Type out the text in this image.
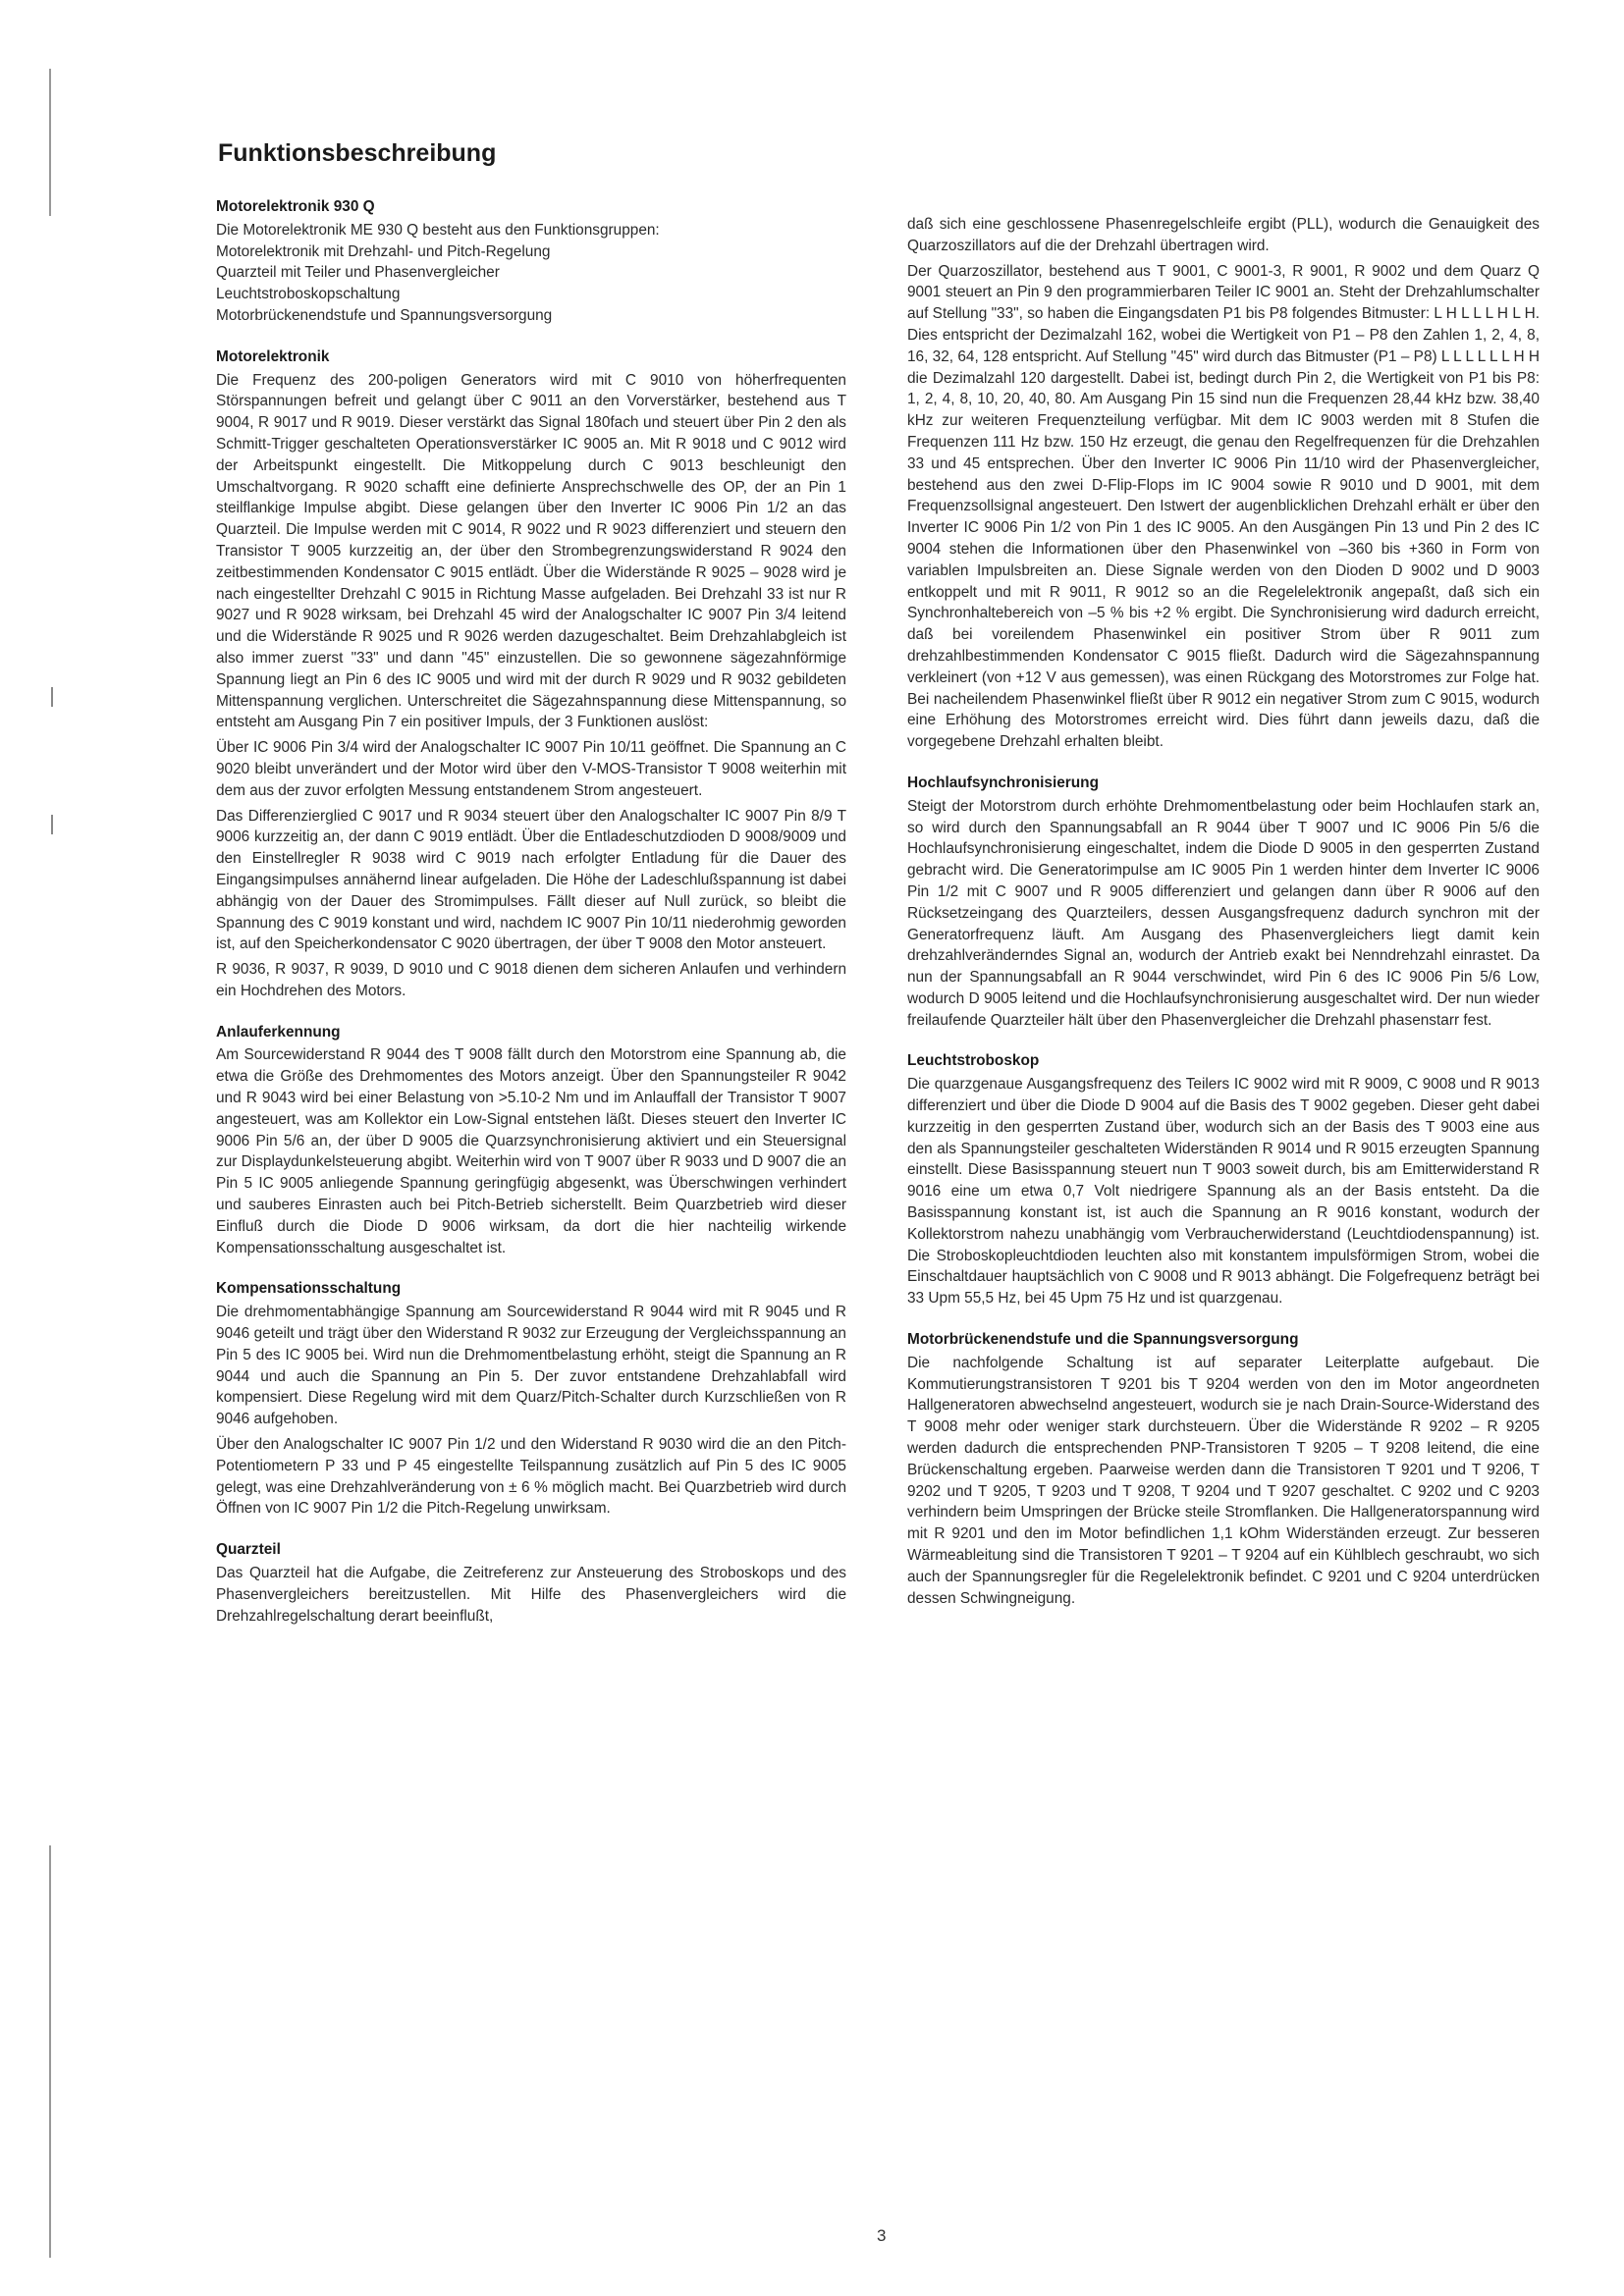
Funktionsbeschreibung
Motorelektronik 930 Q

Die Motorelektronik ME 930 Q besteht aus den Funktionsgruppen:

Motorelektronik mit Drehzahl- und Pitch-Regelung

Quarzteil mit Teiler und Phasenvergleicher

Leuchtstroboskopschaltung

Motorbrückenendstufe und Spannungsversorgung

Motorelektronik

Die Frequenz des 200-poligen Generators wird mit C 9010 von höherfrequenten Störspannungen befreit und gelangt über C 9011 an den Vorverstärker, bestehend aus T 9004, R 9017 und R 9019. Dieser verstärkt das Signal 180fach und steuert über Pin 2 den als Schmitt-Trigger geschalteten Operationsverstärker IC 9005 an. Mit R 9018 und C 9012 wird der Arbeitspunkt eingestellt. Die Mitkoppelung durch C 9013 beschleunigt den Umschaltvorgang. R 9020 schafft eine definierte Ansprechschwelle des OP, der an Pin 1 steilflankige Impulse abgibt. Diese gelangen über den Inverter IC 9006 Pin 1/2 an das Quarzteil. Die Impulse werden mit C 9014, R 9022 und R 9023 differenziert und steuern den Transistor T 9005 kurzzeitig an, der über den Strombegrenzungswiderstand R 9024 den zeitbestimmenden Kondensator C 9015 entlädt. Über die Widerstände R 9025 – 9028 wird je nach eingestellter Drehzahl C 9015 in Richtung Masse aufgeladen. Bei Drehzahl 33 ist nur R 9027 und R 9028 wirksam, bei Drehzahl 45 wird der Analogschalter IC 9007 Pin 3/4 leitend und die Widerstände R 9025 und R 9026 werden dazugeschaltet. Beim Drehzahlabgleich ist also immer zuerst "33" und dann "45" einzustellen. Die so gewonnene sägezahnförmige Spannung liegt an Pin 6 des IC 9005 und wird mit der durch R 9029 und R 9032 gebildeten Mittenspannung verglichen. Unterschreitet die Sägezahnspannung diese Mittenspannung, so entsteht am Ausgang Pin 7 ein positiver Impuls, der 3 Funktionen auslöst:

Über IC 9006 Pin 3/4 wird der Analogschalter IC 9007 Pin 10/11 geöffnet. Die Spannung an C 9020 bleibt unverändert und der Motor wird über den V-MOS-Transistor T 9008 weiterhin mit dem aus der zuvor erfolgten Messung entstandenem Strom angesteuert.

Das Differenzierglied C 9017 und R 9034 steuert über den Analogschalter IC 9007 Pin 8/9 T 9006 kurzzeitig an, der dann C 9019 entlädt. Über die Entladeschutzdioden D 9008/9009 und den Einstellregler R 9038 wird C 9019 nach erfolgter Entladung für die Dauer des Eingangsimpulses annähernd linear aufgeladen. Die Höhe der Ladeschlußspannung ist dabei abhängig von der Dauer des Stromimpulses. Fällt dieser auf Null zurück, so bleibt die Spannung des C 9019 konstant und wird, nachdem IC 9007 Pin 10/11 niederohmig geworden ist, auf den Speicherkondensator C 9020 übertragen, der über T 9008 den Motor ansteuert.

R 9036, R 9037, R 9039, D 9010 und C 9018 dienen dem sicheren Anlaufen und verhindern ein Hochdrehen des Motors.

Anlauferkennung

Am Sourcewiderstand R 9044 des T 9008 fällt durch den Motorstrom eine Spannung ab, die etwa die Größe des Drehmomentes des Motors anzeigt. Über den Spannungsteiler R 9042 und R 9043 wird bei einer Belastung von >5.10-2 Nm und im Anlauffall der Transistor T 9007 angesteuert, was am Kollektor ein Low-Signal entstehen läßt. Dieses steuert den Inverter IC 9006 Pin 5/6 an, der über D 9005 die Quarzsynchronisierung aktiviert und ein Steuersignal zur Displaydunkelsteuerung abgibt. Weiterhin wird von T 9007 über R 9033 und D 9007 die an Pin 5 IC 9005 anliegende Spannung geringfügig abgesenkt, was Überschwingen verhindert und sauberes Einrasten auch bei Pitch-Betrieb sicherstellt. Beim Quarzbetrieb wird dieser Einfluß durch die Diode D 9006 wirksam, da dort die hier nachteilig wirkende Kompensationsschaltung ausgeschaltet ist.

Kompensationsschaltung

Die drehmomentabhängige Spannung am Sourcewiderstand R 9044 wird mit R 9045 und R 9046 geteilt und trägt über den Widerstand R 9032 zur Erzeugung der Vergleichsspannung an Pin 5 des IC 9005 bei. Wird nun die Drehmomentbelastung erhöht, steigt die Spannung an R 9044 und auch die Spannung an Pin 5. Der zuvor entstandene Drehzahlabfall wird kompensiert. Diese Regelung wird mit dem Quarz/Pitch-Schalter durch Kurzschließen von R 9046 aufgehoben.

Über den Analogschalter IC 9007 Pin 1/2 und den Widerstand R 9030 wird die an den Pitch-Potentiometern P 33 und P 45 eingestellte Teilspannung zusätzlich auf Pin 5 des IC 9005 gelegt, was eine Drehzahlveränderung von ± 6 % möglich macht. Bei Quarzbetrieb wird durch Öffnen von IC 9007 Pin 1/2 die Pitch-Regelung unwirksam.

Quarzteil

Das Quarzteil hat die Aufgabe, die Zeitreferenz zur Ansteuerung des Stroboskops und des Phasenvergleichers bereitzustellen. Mit Hilfe des Phasenvergleichers wird die Drehzahlregelschaltung derart beeinflußt,

daß sich eine geschlossene Phasenregelschleife ergibt (PLL), wodurch die Genauigkeit des Quarzoszillators auf die der Drehzahl übertragen wird.

Der Quarzoszillator, bestehend aus T 9001, C 9001-3, R 9001, R 9002 und dem Quarz Q 9001 steuert an Pin 9 den programmierbaren Teiler IC 9001 an. Steht der Drehzahlumschalter auf Stellung "33", so haben die Eingangsdaten P1 bis P8 folgendes Bitmuster: L H L L L H L H. Dies entspricht der Dezimalzahl 162, wobei die Wertigkeit von P1 – P8 den Zahlen 1, 2, 4, 8, 16, 32, 64, 128 entspricht. Auf Stellung "45" wird durch das Bitmuster (P1 – P8) L L L L L L H H die Dezimalzahl 120 dargestellt. Dabei ist, bedingt durch Pin 2, die Wertigkeit von P1 bis P8: 1, 2, 4, 8, 10, 20, 40, 80. Am Ausgang Pin 15 sind nun die Frequenzen 28,44 kHz bzw. 38,40 kHz zur weiteren Frequenzteilung verfügbar. Mit dem IC 9003 werden mit 8 Stufen die Frequenzen 111 Hz bzw. 150 Hz erzeugt, die genau den Regelfrequenzen für die Drehzahlen 33 und 45 entsprechen. Über den Inverter IC 9006 Pin 11/10 wird der Phasenvergleicher, bestehend aus den zwei D-Flip-Flops im IC 9004 sowie R 9010 und D 9001, mit dem Frequenzsollsignal angesteuert. Den Istwert der augenblicklichen Drehzahl erhält er über den Inverter IC 9006 Pin 1/2 von Pin 1 des IC 9005. An den Ausgängen Pin 13 und Pin 2 des IC 9004 stehen die Informationen über den Phasenwinkel von –360 bis +360 in Form von variablen Impulsbreiten an. Diese Signale werden von den Dioden D 9002 und D 9003 entkoppelt und mit R 9011, R 9012 so an die Regelelektronik angepaßt, daß sich ein Synchronhaltebereich von –5 % bis +2 % ergibt. Die Synchronisierung wird dadurch erreicht, daß bei voreilendem Phasenwinkel ein positiver Strom über R 9011 zum drehzahlbestimmenden Kondensator C 9015 fließt. Dadurch wird die Sägezahnspannung verkleinert (von +12 V aus gemessen), was einen Rückgang des Motorstromes zur Folge hat. Bei nacheilendem Phasenwinkel fließt über R 9012 ein negativer Strom zum C 9015, wodurch eine Erhöhung des Motorstromes erreicht wird. Dies führt dann jeweils dazu, daß die vorgegebene Drehzahl erhalten bleibt.

Hochlaufsynchronisierung

Steigt der Motorstrom durch erhöhte Drehmomentbelastung oder beim Hochlaufen stark an, so wird durch den Spannungsabfall an R 9044 über T 9007 und IC 9006 Pin 5/6 die Hochlaufsynchronisierung eingeschaltet, indem die Diode D 9005 in den gesperrten Zustand gebracht wird. Die Generatorimpulse am IC 9005 Pin 1 werden hinter dem Inverter IC 9006 Pin 1/2 mit C 9007 und R 9005 differenziert und gelangen dann über R 9006 auf den Rücksetzeingang des Quarzteilers, dessen Ausgangsfrequenz dadurch synchron mit der Generatorfrequenz läuft. Am Ausgang des Phasenvergleichers liegt damit kein drehzahlveränderndes Signal an, wodurch der Antrieb exakt bei Nenndrehzahl einrastet. Da nun der Spannungsabfall an R 9044 verschwindet, wird Pin 6 des IC 9006 Pin 5/6 Low, wodurch D 9005 leitend und die Hochlaufsynchronisierung ausgeschaltet wird. Der nun wieder freilaufende Quarzteiler hält über den Phasenvergleicher die Drehzahl phasenstarr fest.

Leuchtstroboskop

Die quarzgenaue Ausgangsfrequenz des Teilers IC 9002 wird mit R 9009, C 9008 und R 9013 differenziert und über die Diode D 9004 auf die Basis des T 9002 gegeben. Dieser geht dabei kurzzeitig in den gesperrten Zustand über, wodurch sich an der Basis des T 9003 eine aus den als Spannungsteiler geschalteten Widerständen R 9014 und R 9015 erzeugten Spannung einstellt. Diese Basisspannung steuert nun T 9003 soweit durch, bis am Emitterwiderstand R 9016 eine um etwa 0,7 Volt niedrigere Spannung als an der Basis entsteht. Da die Basisspannung konstant ist, ist auch die Spannung an R 9016 konstant, wodurch der Kollektorstrom nahezu unabhängig vom Verbraucherwiderstand (Leuchtdiodenspannung) ist. Die Stroboskopleuchtdioden leuchten also mit konstantem impulsförmigen Strom, wobei die Einschaltdauer hauptsächlich von C 9008 und R 9013 abhängt. Die Folgefrequenz beträgt bei 33 Upm 55,5 Hz, bei 45 Upm 75 Hz und ist quarzgenau.

Motorbrückenendstufe und die Spannungsversorgung

Die nachfolgende Schaltung ist auf separater Leiterplatte aufgebaut. Die Kommutierungstransistoren T 9201 bis T 9204 werden von den im Motor angeordneten Hallgeneratoren abwechselnd angesteuert, wodurch sie je nach Drain-Source-Widerstand des T 9008 mehr oder weniger stark durchsteuern. Über die Widerstände R 9202 – R 9205 werden dadurch die entsprechenden PNP-Transistoren T 9205 – T 9208 leitend, die eine Brückenschaltung ergeben. Paarweise werden dann die Transistoren T 9201 und T 9206, T 9202 und T 9205, T 9203 und T 9208, T 9204 und T 9207 geschaltet. C 9202 und C 9203 verhindern beim Umspringen der Brücke steile Stromflanken. Die Hallgeneratorspannung wird mit R 9201 und den im Motor befindlichen 1,1 kOhm Widerständen erzeugt. Zur besseren Wärmeableitung sind die Transistoren T 9201 – T 9204 auf ein Kühlblech geschraubt, wo sich auch der Spannungsregler für die Regelelektronik befindet. C 9201 und C 9204 unterdrücken dessen Schwingneigung.

3
